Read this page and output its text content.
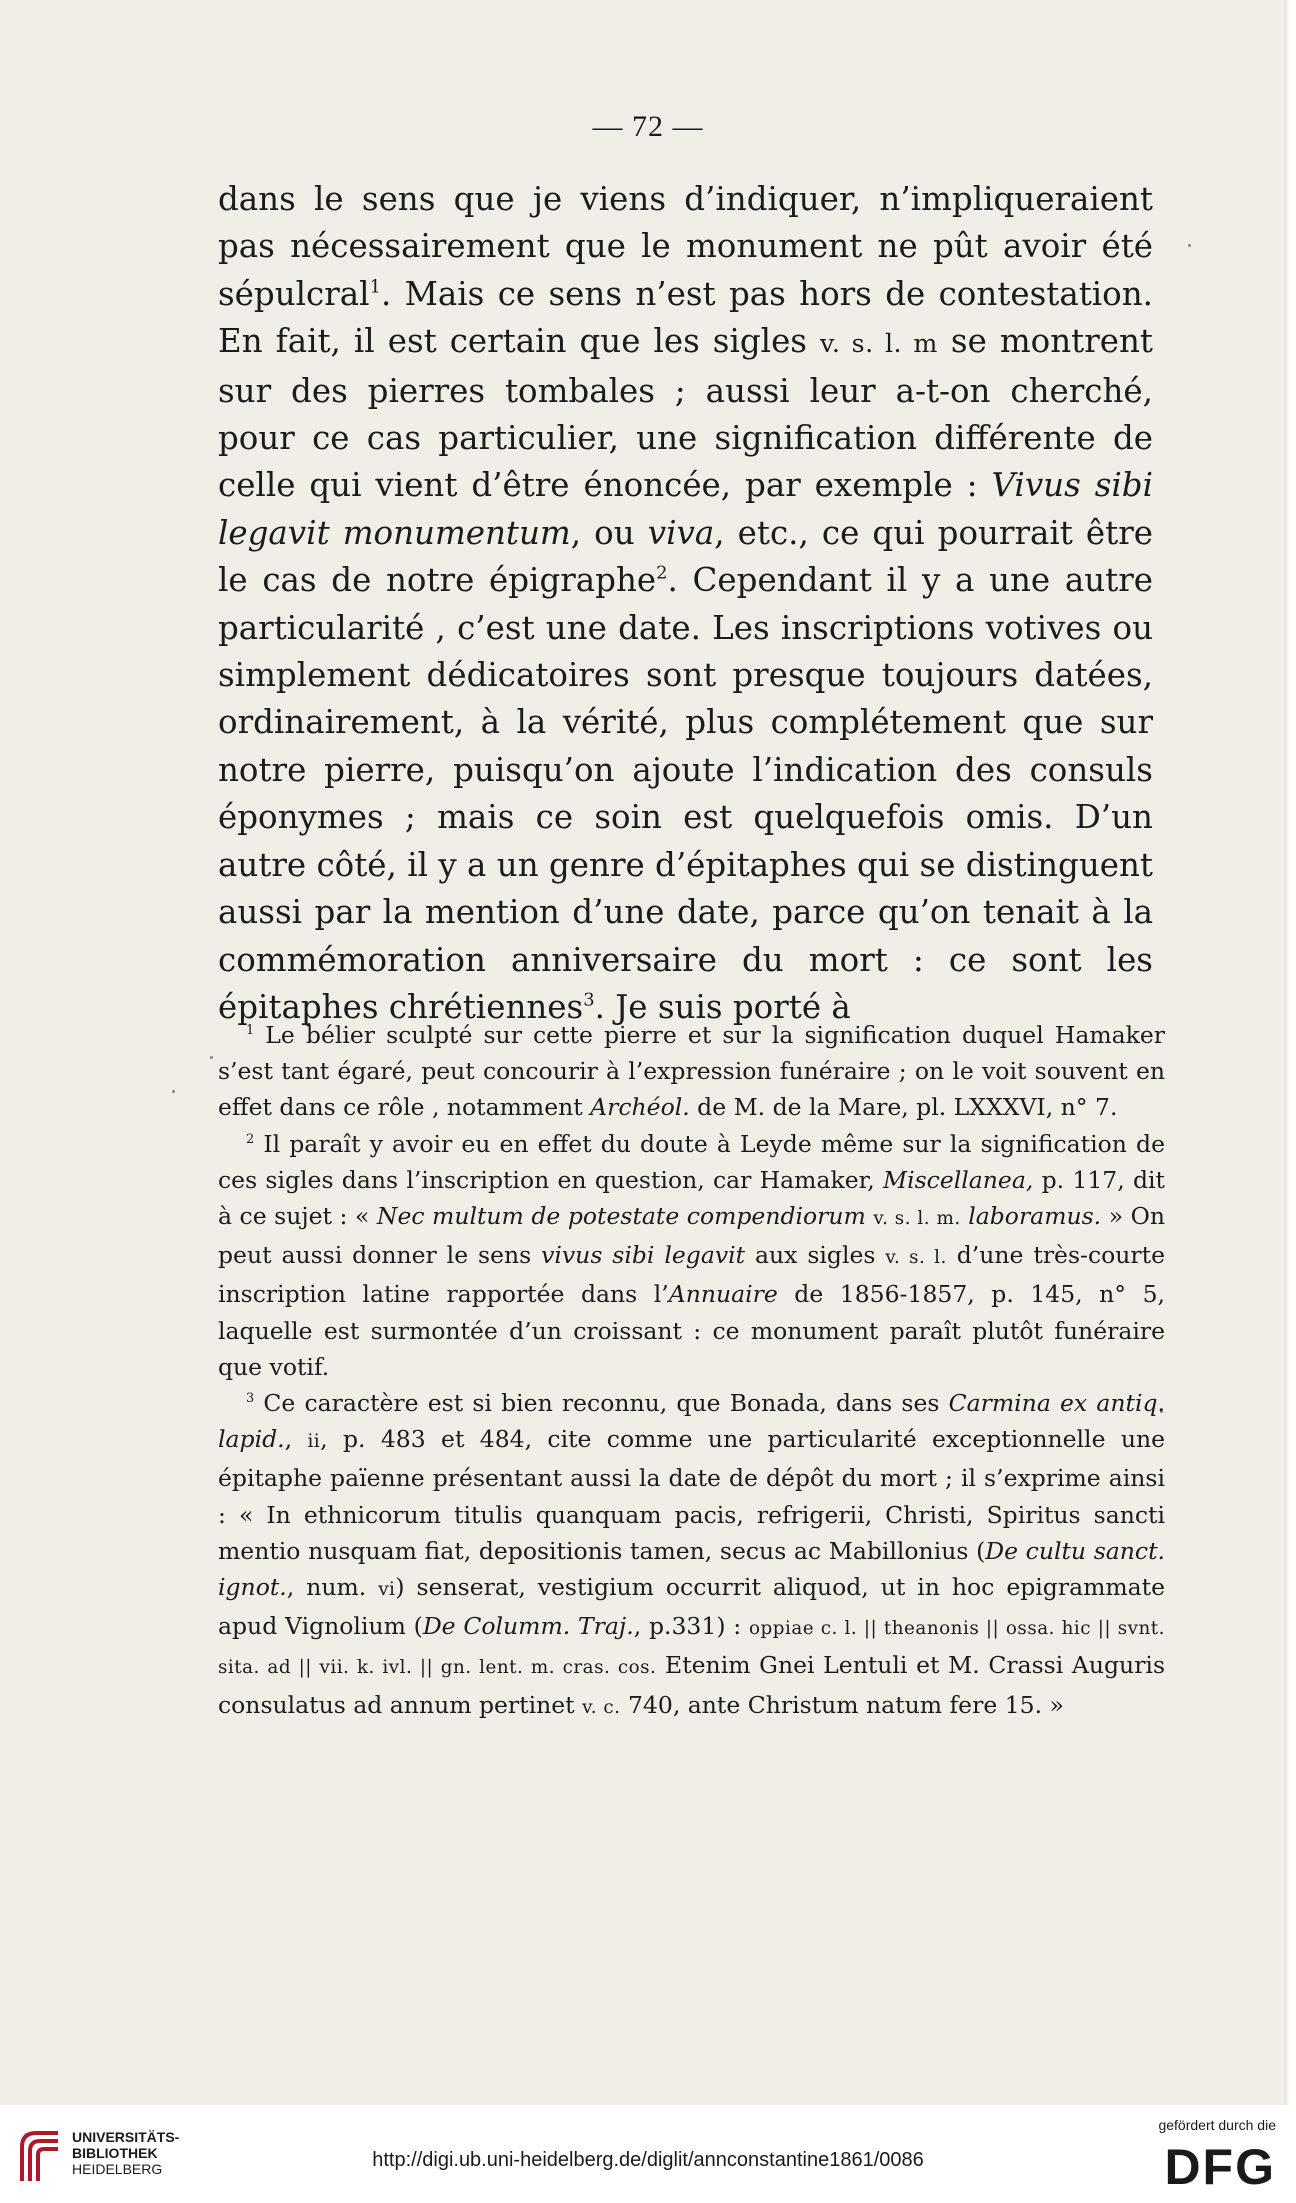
— 72 —

dans le sens que je viens d’indiquer, n’impliqueraient pas nécessairement que le monument ne pût avoir été sépulcral$^1$. Mais ce sens n’est pas hors de contestation. En fait, il est certain que les sigles v. s. l. m se montrent sur des pierres tombales ; aussi leur a-t-on cherché, pour ce cas particulier, une signification différente de celle qui vient d’être énoncée, par exemple : Vivus sibi legavit monumentum, ou viva, etc., ce qui pourrait être le cas de notre épigraphe$^2$. Cependant il y a une autre particularité , c’est une date. Les inscriptions votives ou simplement dédicatoires sont presque toujours datées, ordinairement, à la vérité, plus complétement que sur notre pierre, puisqu’on ajoute l’indication des consuls éponymes ; mais ce soin est quelquefois omis. D’un autre côté, il y a un genre d’épitaphes qui se distinguent aussi par la mention d’une date, parce qu’on tenait à la commémoration anniversaire du mort : ce sont les épitaphes chrétiennes$^3$. Je suis porté à

$^1$ Le bélier sculpté sur cette pierre et sur la signification duquel Hamaker s’est tant égaré, peut concourir à l’expression funéraire ; on le voit souvent en effet dans ce rôle , notamment Archéol. de M. de la Mare, pl. LXXXVI, n° 7.

$^2$ Il paraît y avoir eu en effet du doute à Leyde même sur la signification de ces sigles dans l’inscription en question, car Hamaker, Miscellanea, p. 117, dit à ce sujet : « Nec multum de potestate compendiorum v. s. l. m. laboramus. » On peut aussi donner le sens vivus sibi legavit aux sigles v. s. l. d’une très-courte inscription latine rapportée dans l’Annuaire de 1856-1857, p. 145, n° 5, laquelle est surmontée d’un croissant : ce monument paraît plutôt funéraire que votif.

$^3$ Ce caractère est si bien reconnu, que Bonada, dans ses Carmina ex antiq. lapid., ii, p. 483 et 484, cite comme une particularité exceptionnelle une épitaphe païenne présentant aussi la date de dépôt du mort ; il s’exprime ainsi : « In ethnicorum titulis quanquam pacis, refrigerii, Christi, Spiritus sancti mentio nusquam fiat, depositionis tamen, secus ac Mabillonius (De cultu sanct. ignot., num. vi) senserat, vestigium occurrit aliquod, ut in hoc epigrammate apud Vignolium (De Columm. Traj., p.331) : oppiae c. l. || theanonis || ossa. hic || svnt. sita. ad || vii. k. ivl. || gn. lent. m. cras. cos. Etenim Gnei Lentuli et M. Crassi Auguris consulatus ad annum pertinet v. c. 740, ante Christum natum fere 15. »

UNIVERSITÄTS-
BIBLIOTHEK
HEIDELBERG	http://digi.ub.uni-heidelberg.de/diglit/annconstantine1861/0086
gefördert durch die
DFG
